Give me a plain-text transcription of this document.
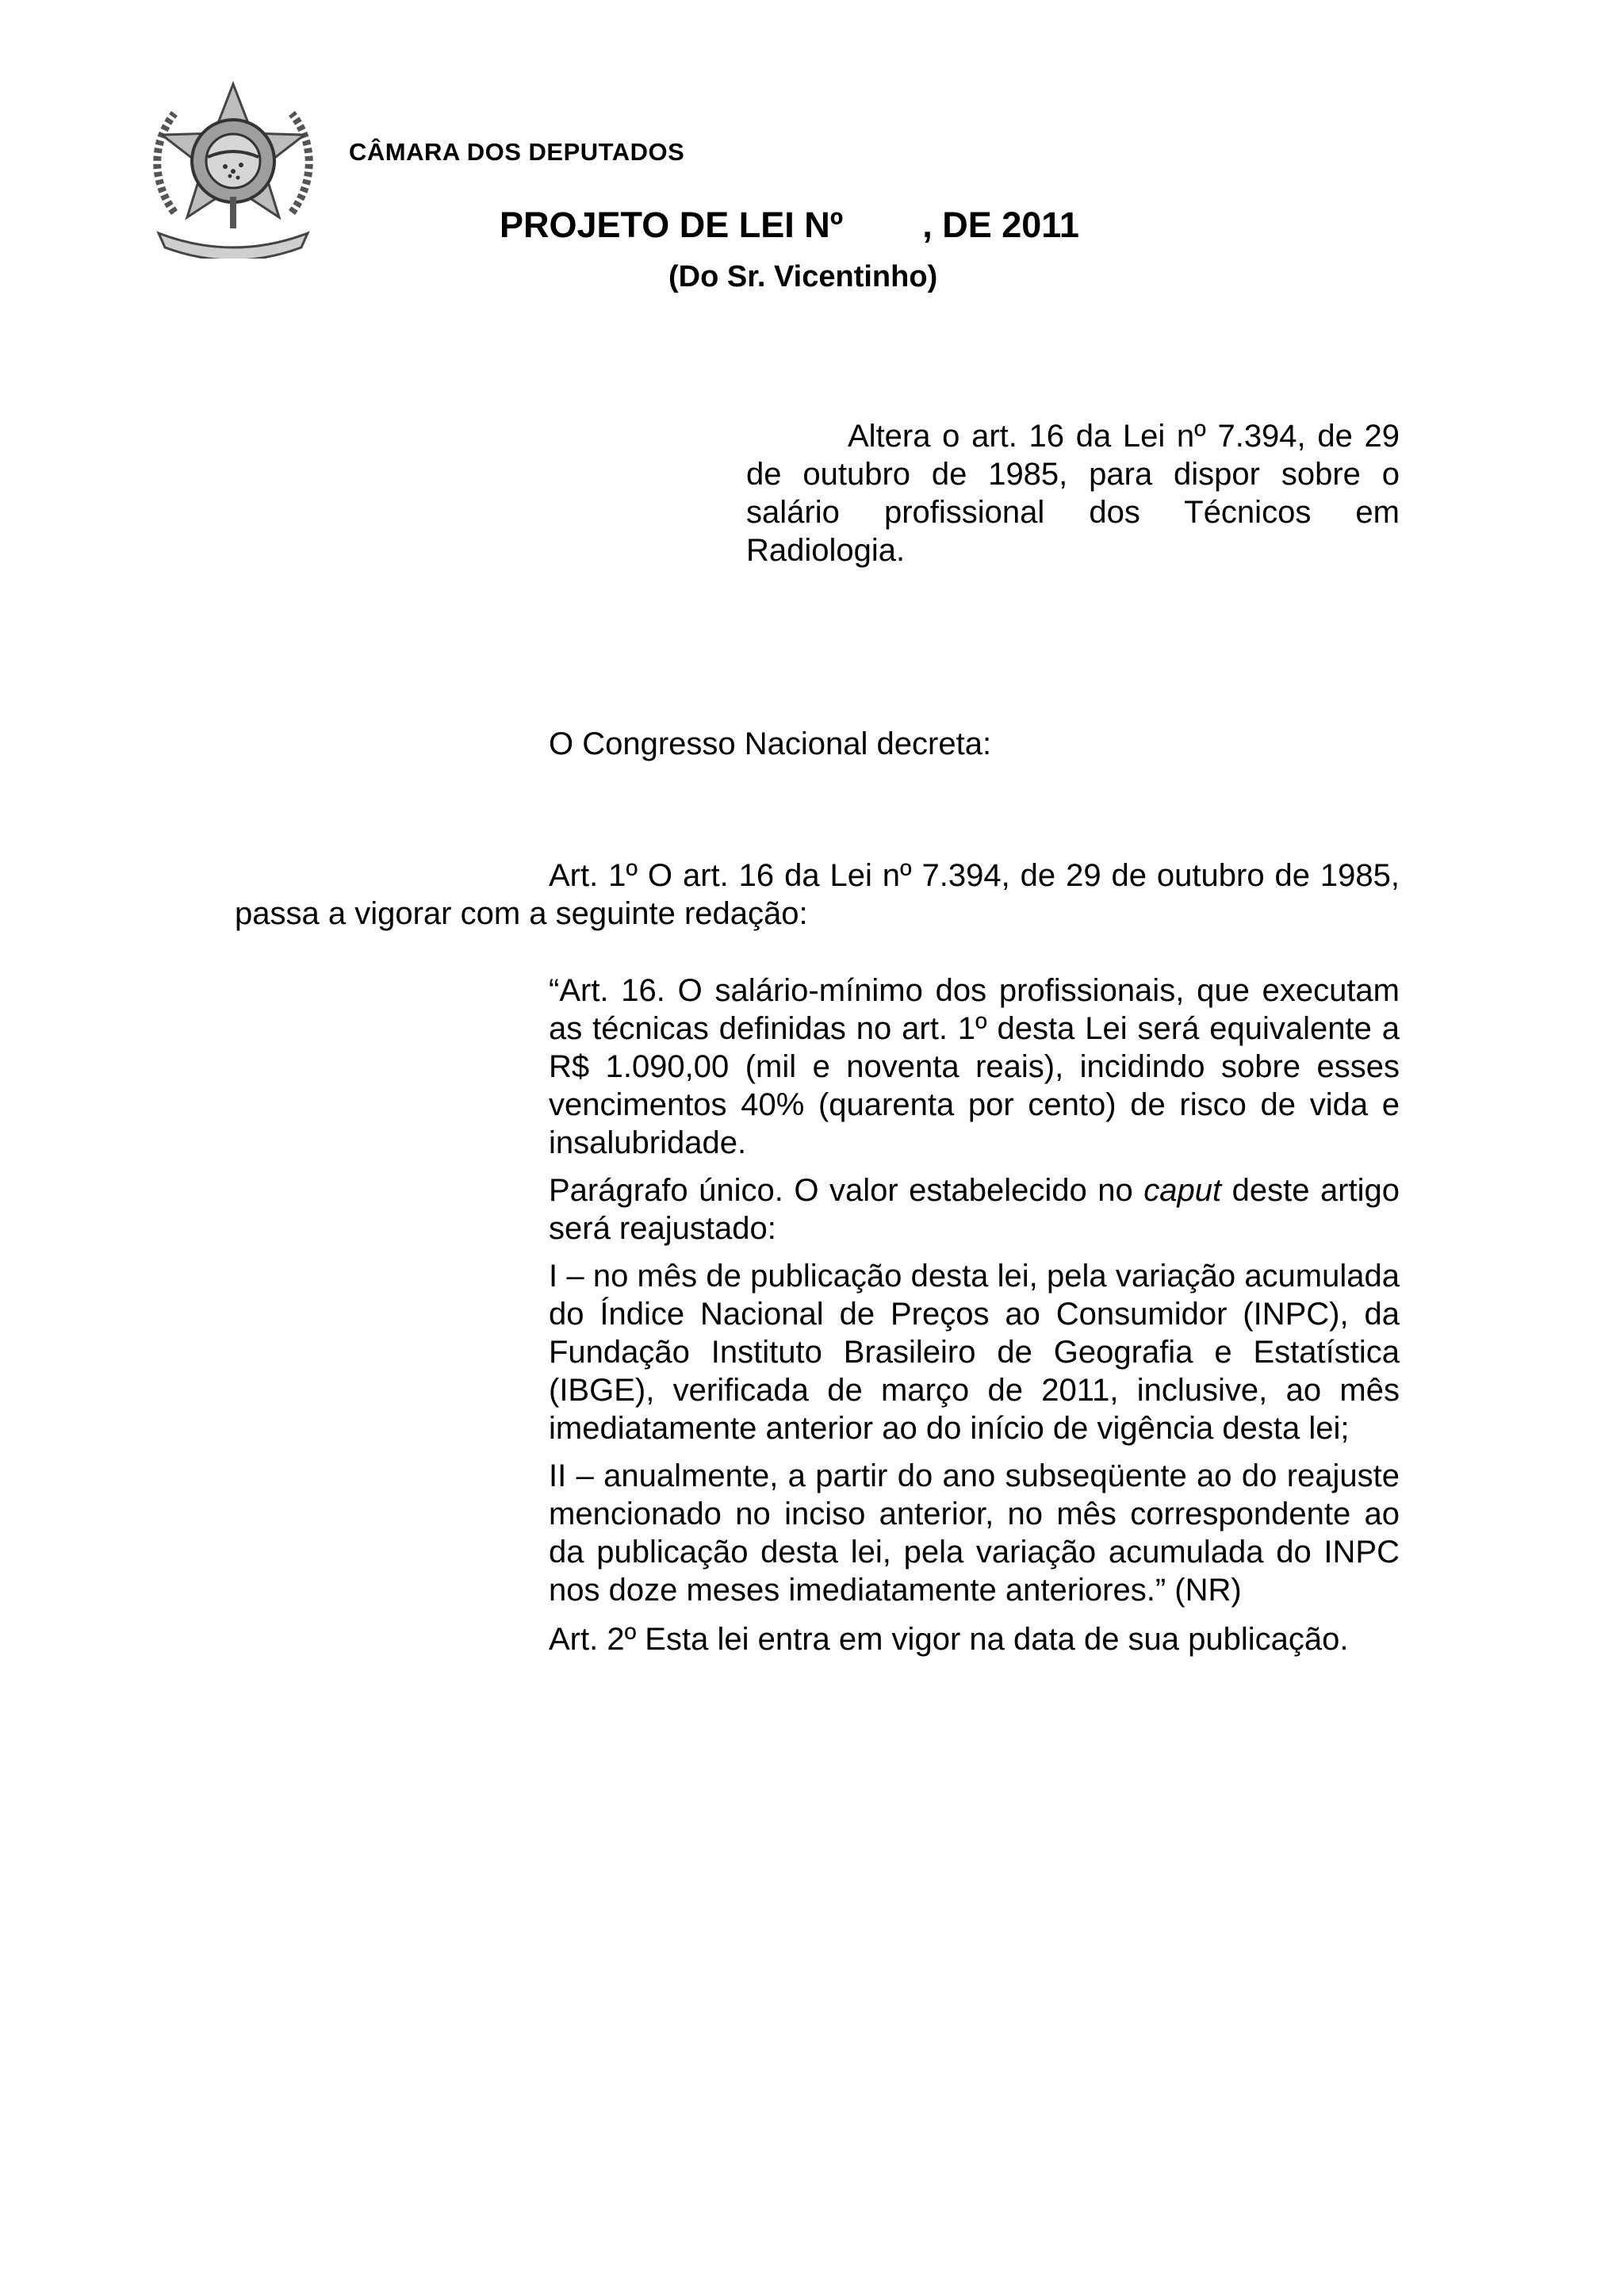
CÂMARA DOS DEPUTADOS
PROJETO DE LEI Nº        , DE 2011
(Do Sr. Vicentinho)
Altera o art. 16 da Lei nº 7.394, de 29 de outubro de 1985, para dispor sobre o salário profissional dos Técnicos em Radiologia.
O Congresso Nacional decreta:
Art. 1º O art. 16 da Lei nº 7.394, de 29 de outubro de 1985, passa a vigorar com a seguinte redação:

“Art. 16. O salário-mínimo dos profissionais, que executam as técnicas definidas no art. 1º desta Lei será equivalente a R$ 1.090,00 (mil e noventa reais), incidindo sobre esses vencimentos 40% (quarenta por cento) de risco de vida e insalubridade.

Parágrafo único. O valor estabelecido no caput deste artigo será reajustado:

I – no mês de publicação desta lei, pela variação acumulada do Índice Nacional de Preços ao Consumidor (INPC), da Fundação Instituto Brasileiro de Geografia e Estatística (IBGE), verificada de março de 2011, inclusive, ao mês imediatamente anterior ao do início de vigência desta lei;

II – anualmente, a partir do ano subseqüente ao do reajuste mencionado no inciso anterior, no mês correspondente ao da publicação desta lei, pela variação acumulada do INPC nos doze meses imediatamente anteriores.” (NR)

Art. 2º Esta lei entra em vigor na data de sua publicação.
